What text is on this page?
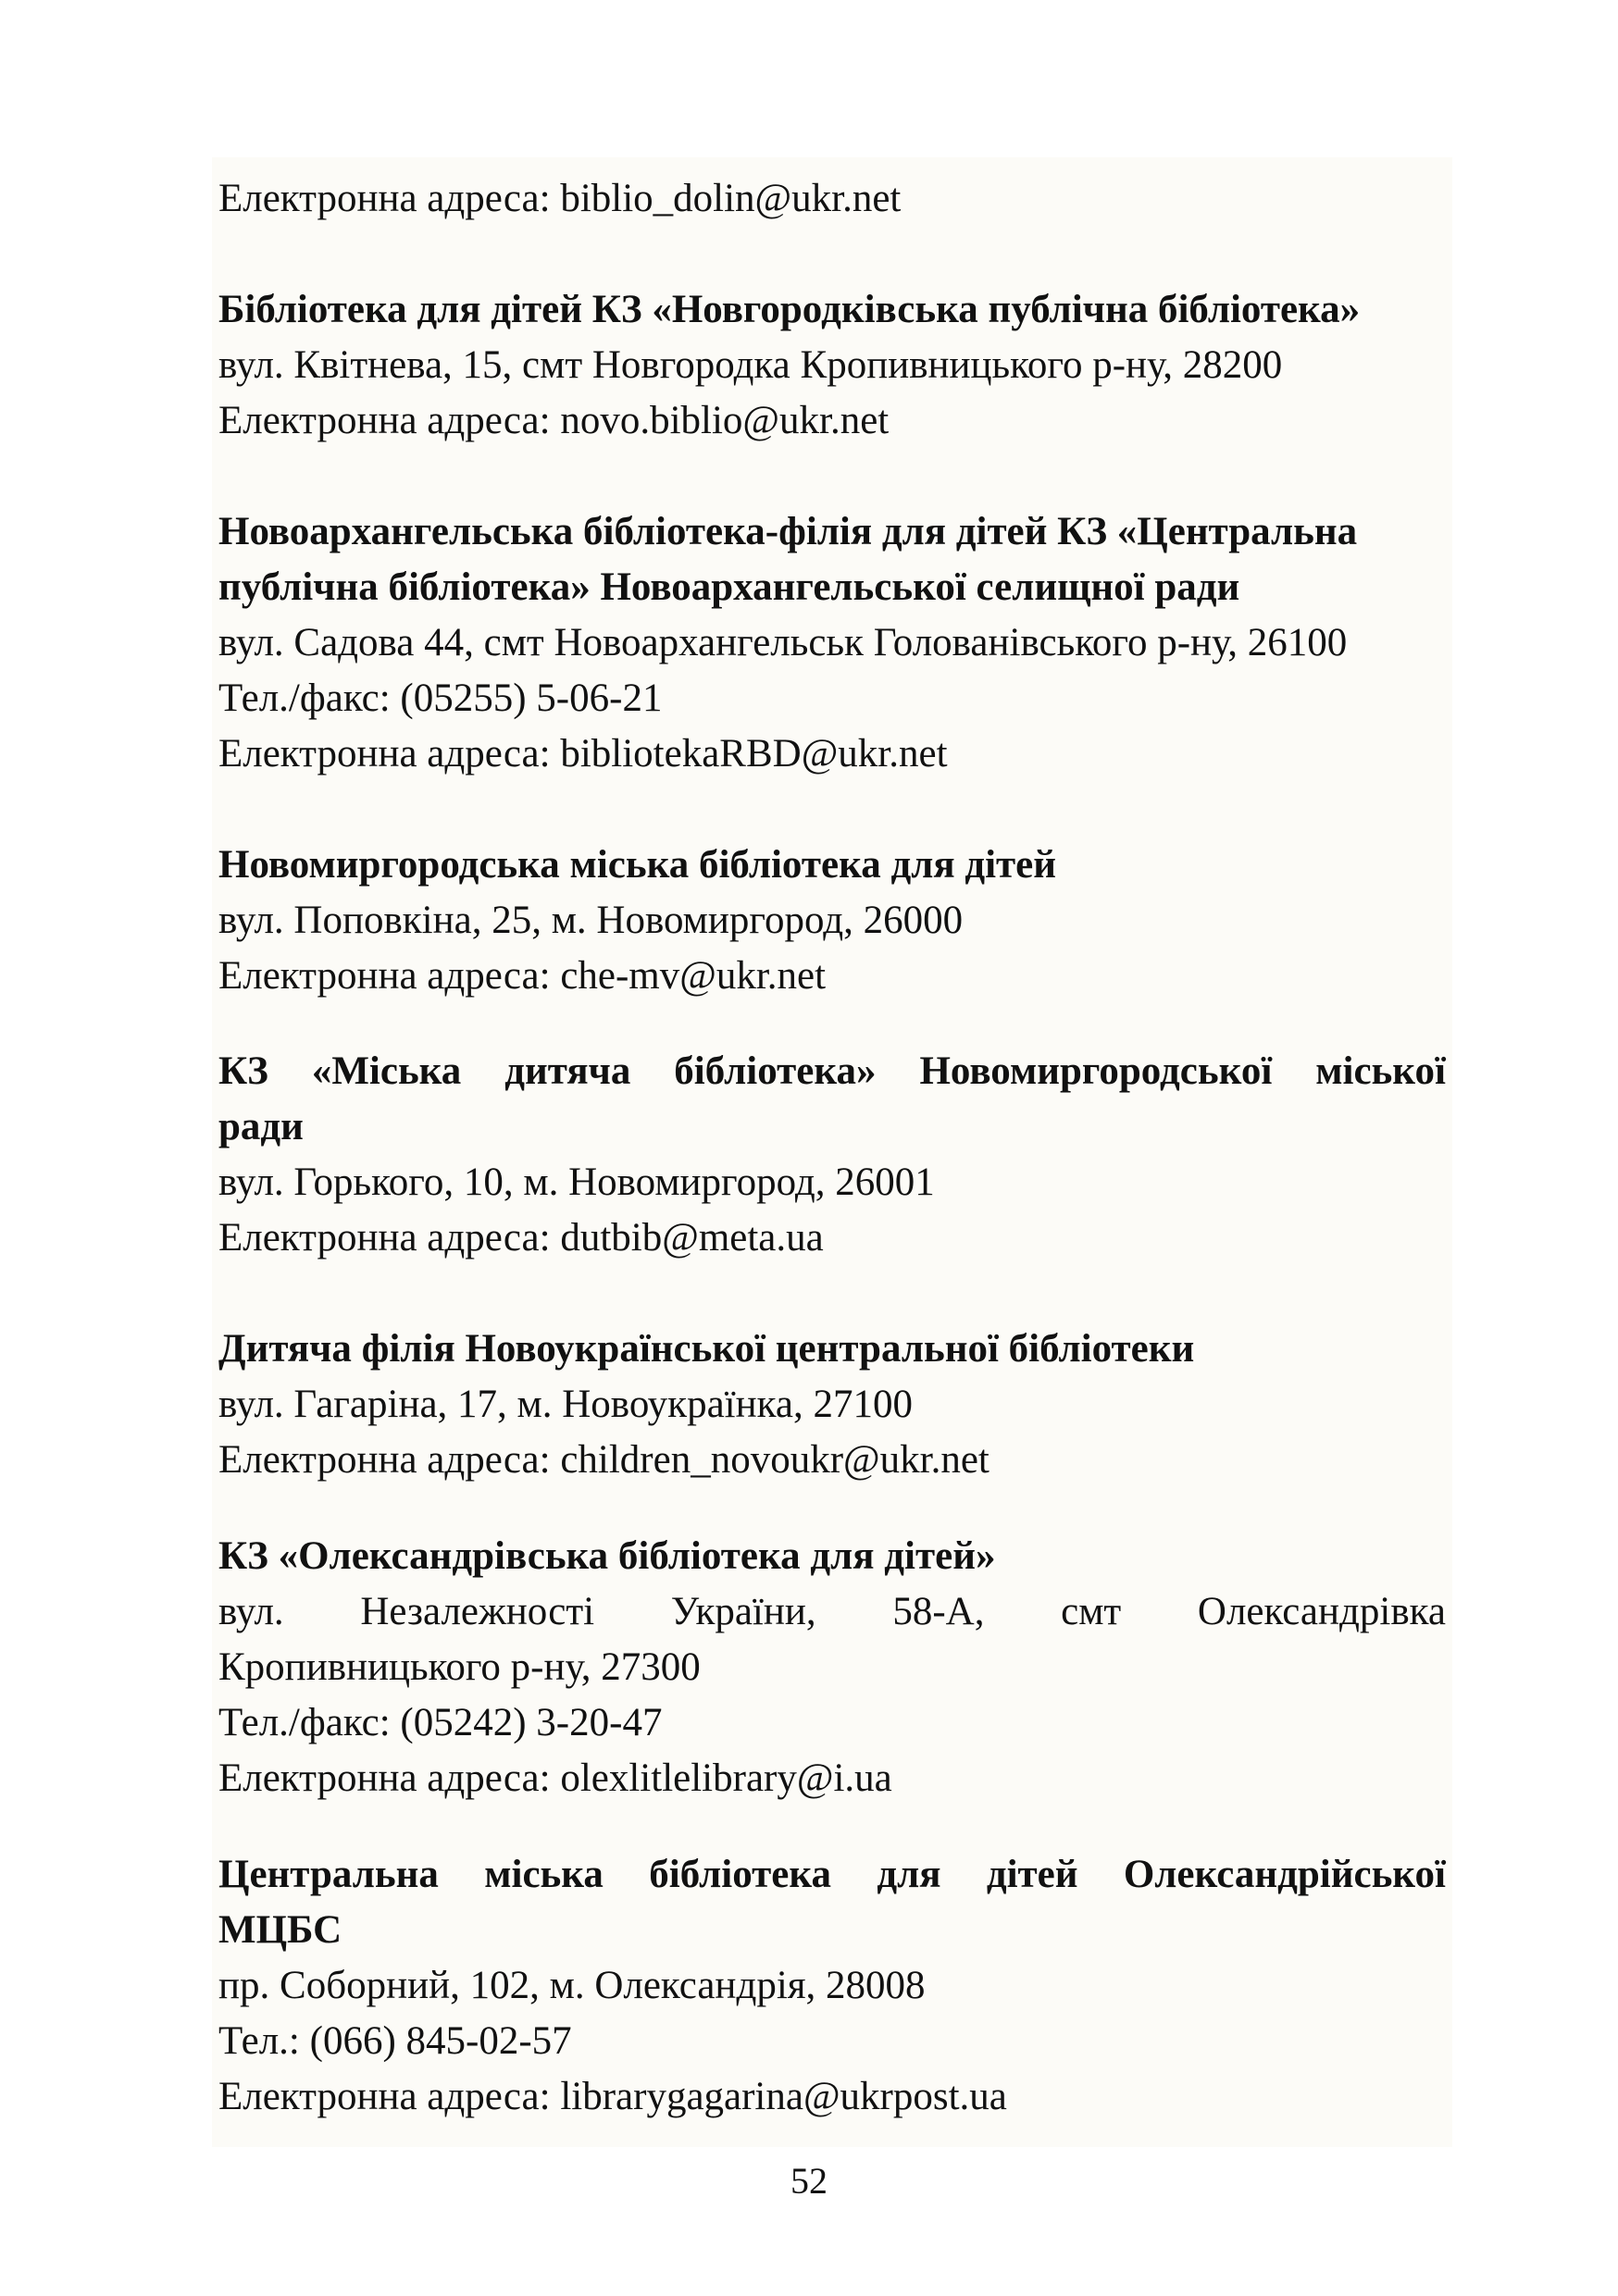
Електронна адреса: biblio_dolin@ukr.net
Бібліотека для дітей КЗ «Новгородківська публічна бібліотека»
вул. Квітнева, 15, смт Новгородка Кропивницького р-ну, 28200
Електронна адреса: novo.biblio@ukr.net
Новоархангельська бібліотека-філія для дітей КЗ «Центральна
публічна бібліотека» Новоархангельської селищної ради
вул. Садова 44, смт Новоархангельськ Голованівського р-ну, 26100
Тел./факс: (05255) 5-06-21
Електронна адреса: bibliotekaRBD@ukr.net
Новомиргородська міська бібліотека для дітей
вул. Поповкіна, 25, м. Новомиргород, 26000
Електронна адреса: che-mv@ukr.net
КЗ «Міська дитяча бібліотека» Новомиргородської міської
ради
вул. Горького, 10, м. Новомиргород, 26001
Електронна адреса: dutbib@meta.ua
Дитяча філія Новоукраїнської центральної бібліотеки
вул. Гагаріна, 17, м. Новоукраїнка, 27100
Електронна адреса: children_novoukr@ukr.net
КЗ «Олександрівська бібліотека для дітей»
вул. Незалежності України, 58-А, смт Олександрівка
Кропивницького р-ну, 27300
Тел./факс: (05242) 3-20-47
Електронна адреса: olexlitlelibrary@i.ua
Центральна міська бібліотека для дітей Олександрійської
МЦБС
пр. Соборний, 102, м. Олександрія, 28008
Тел.: (066) 845-02-57
Електронна адреса: librarygagarina@ukrpost.ua
52
